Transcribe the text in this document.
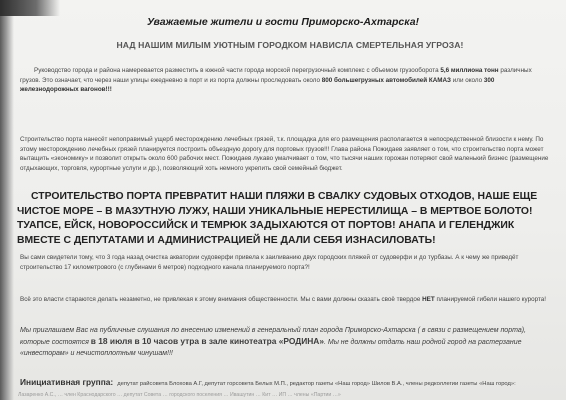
Уважаемые жители и гости Приморско-Ахтарска!
НАД НАШИМ МИЛЫМ УЮТНЫМ ГОРОДКОМ НАВИСЛА СМЕРТЕЛЬНАЯ УГРОЗА!
Руководство города и района намеревается разместить в южной части города морской перегрузочный комплекс с объемом грузооборота 5,6 миллиона тонн различных грузов. Это означает, что через наши улицы ежедневно в порт и из порта должны проследовать около 800 большегрузных автомобилей КАМАЗ или около 300 железнодорожных вагонов!!!
Строительство порта нанесёт непоправимый ущерб месторождению лечебных грязей, т.к. площадка для его размещения располагается в непосредственной близости к нему. По этому месторождению лечебных грязей планируется построить объездную дорогу для портовых грузов!!! Глава района Пожидаев заявляет о том, что строительство порта может вытащить «экономику» и позволит открыть около 600 рабочих мест. Пожидаев лукаво умалчивает о том, что тысячи наших горожан потеряют свой маленький бизнес (размещение отдыхающих, торговля, курортные услуги и др.), позволяющий хоть немного укрепить свой семейный бюджет.
СТРОИТЕЛЬСТВО ПОРТА ПРЕВРАТИТ НАШИ ПЛЯЖИ В СВАЛКУ СУДОВЫХ ОТХОДОВ, НАШЕ ЕЩЕ ЧИСТОЕ МОРЕ – В МАЗУТНУЮ ЛУЖУ, НАШИ УНИКАЛЬНЫЕ НЕРЕСТИЛИЩА – В МЕРТВОЕ БОЛОТО! ТУАПСЕ, ЕЙСК, НОВОРОССИЙСК И ТЕМРЮК ЗАДЫХАЮТСЯ ОТ ПОРТОВ! АНАПА И ГЕЛЕНДЖИК ВМЕСТЕ С ДЕПУТАТАМИ И АДМИНИСТРАЦИЕЙ НЕ ДАЛИ СЕБЯ ИЗНАСИЛОВАТЬ!
Вы сами свидетели тому, что 3 года назад очистка акватории судоверфи привела к заиливанию двух городских пляжей от судоверфи и до турбазы. А к чему же приведёт строительство 17 километрового (с глубинами 6 метров) подходного канала планируемого порта?!
Всё это власти стараются делать незаметно, не привлекая к этому внимания общественности. Мы с вами должны сказать своё твердое НЕТ планируемой гибели нашего курорта!
Мы приглашаем Вас на публичные слушания по внесению изменений в генеральный план города Приморско-Ахтарска ( в связи с размещением порта), которые состоятся в 18 июля в 10 часов утра в зале кинотеатра «РОДИНА». Мы не должны отдать наш родной город на растерзание «инвесторам» и нечистоплотным чинушам!!!
Инициативная группа: депутат райсовета Блохова А.Г, депутат горсовета Белых М.П., редактор газеты «Наш город» Шилов В.А., члены редколлегии газеты «Наш город»:
Лазаренко А.С., … член Краснодарского … депутат Совета … городского поселения … Ивашутин … Кит … ИП … члены «Партии …»
